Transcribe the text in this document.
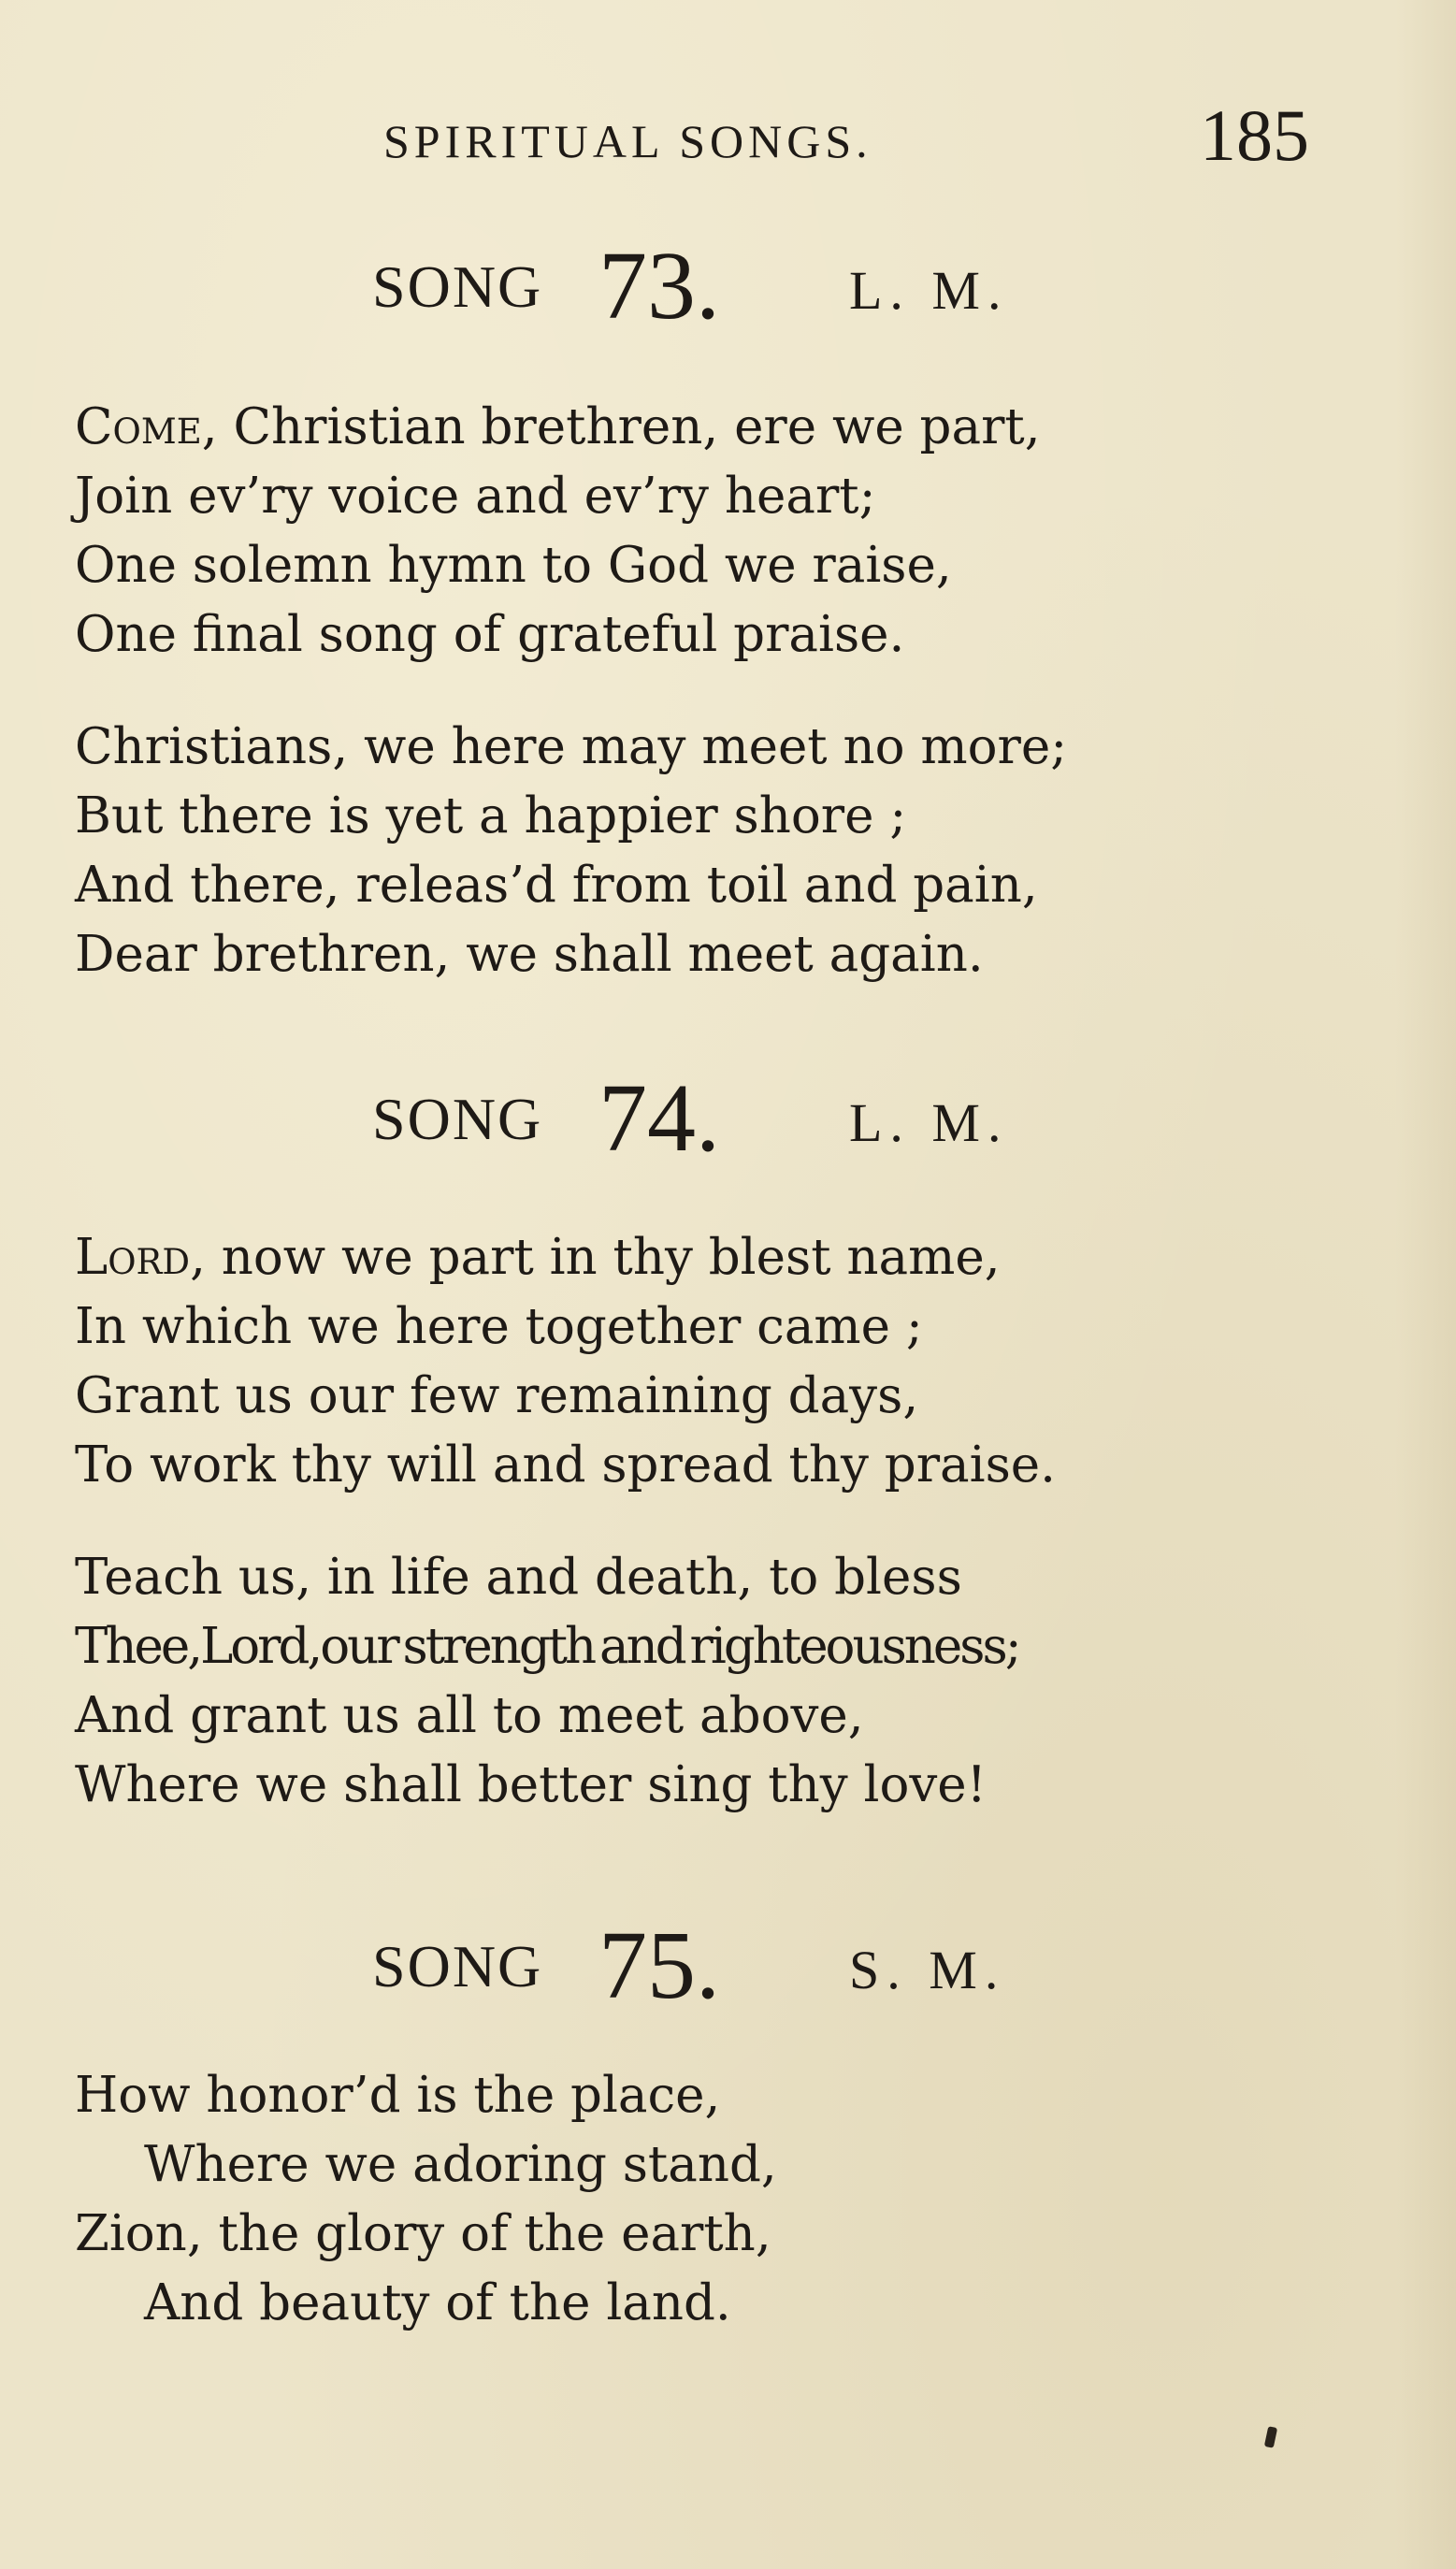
SPIRITUAL SONGS.	185
SONG 73. L. M.
Come, Christian brethren, ere we part,
Join ev’ry voice and ev’ry heart;
One solemn hymn to God we raise,
One final song of grateful praise.
Christians, we here may meet no more;
But there is yet a happier shore ;
And there, releas’d from toil and pain,
Dear brethren, we shall meet again.
SONG 74. L. M.
Lord, now we part in thy blest name,
In which we here together came ;
Grant us our few remaining days,
To work thy will and spread thy praise.
Teach us, in life and death, to bless
Thee,Lord,our strength and righteousness;
And grant us all to meet above,
Where we shall better sing thy love!
SONG 75. S. M.
How honor’d is the place,
Where we adoring stand,
Zion, the glory of the earth,
And beauty of the land.
